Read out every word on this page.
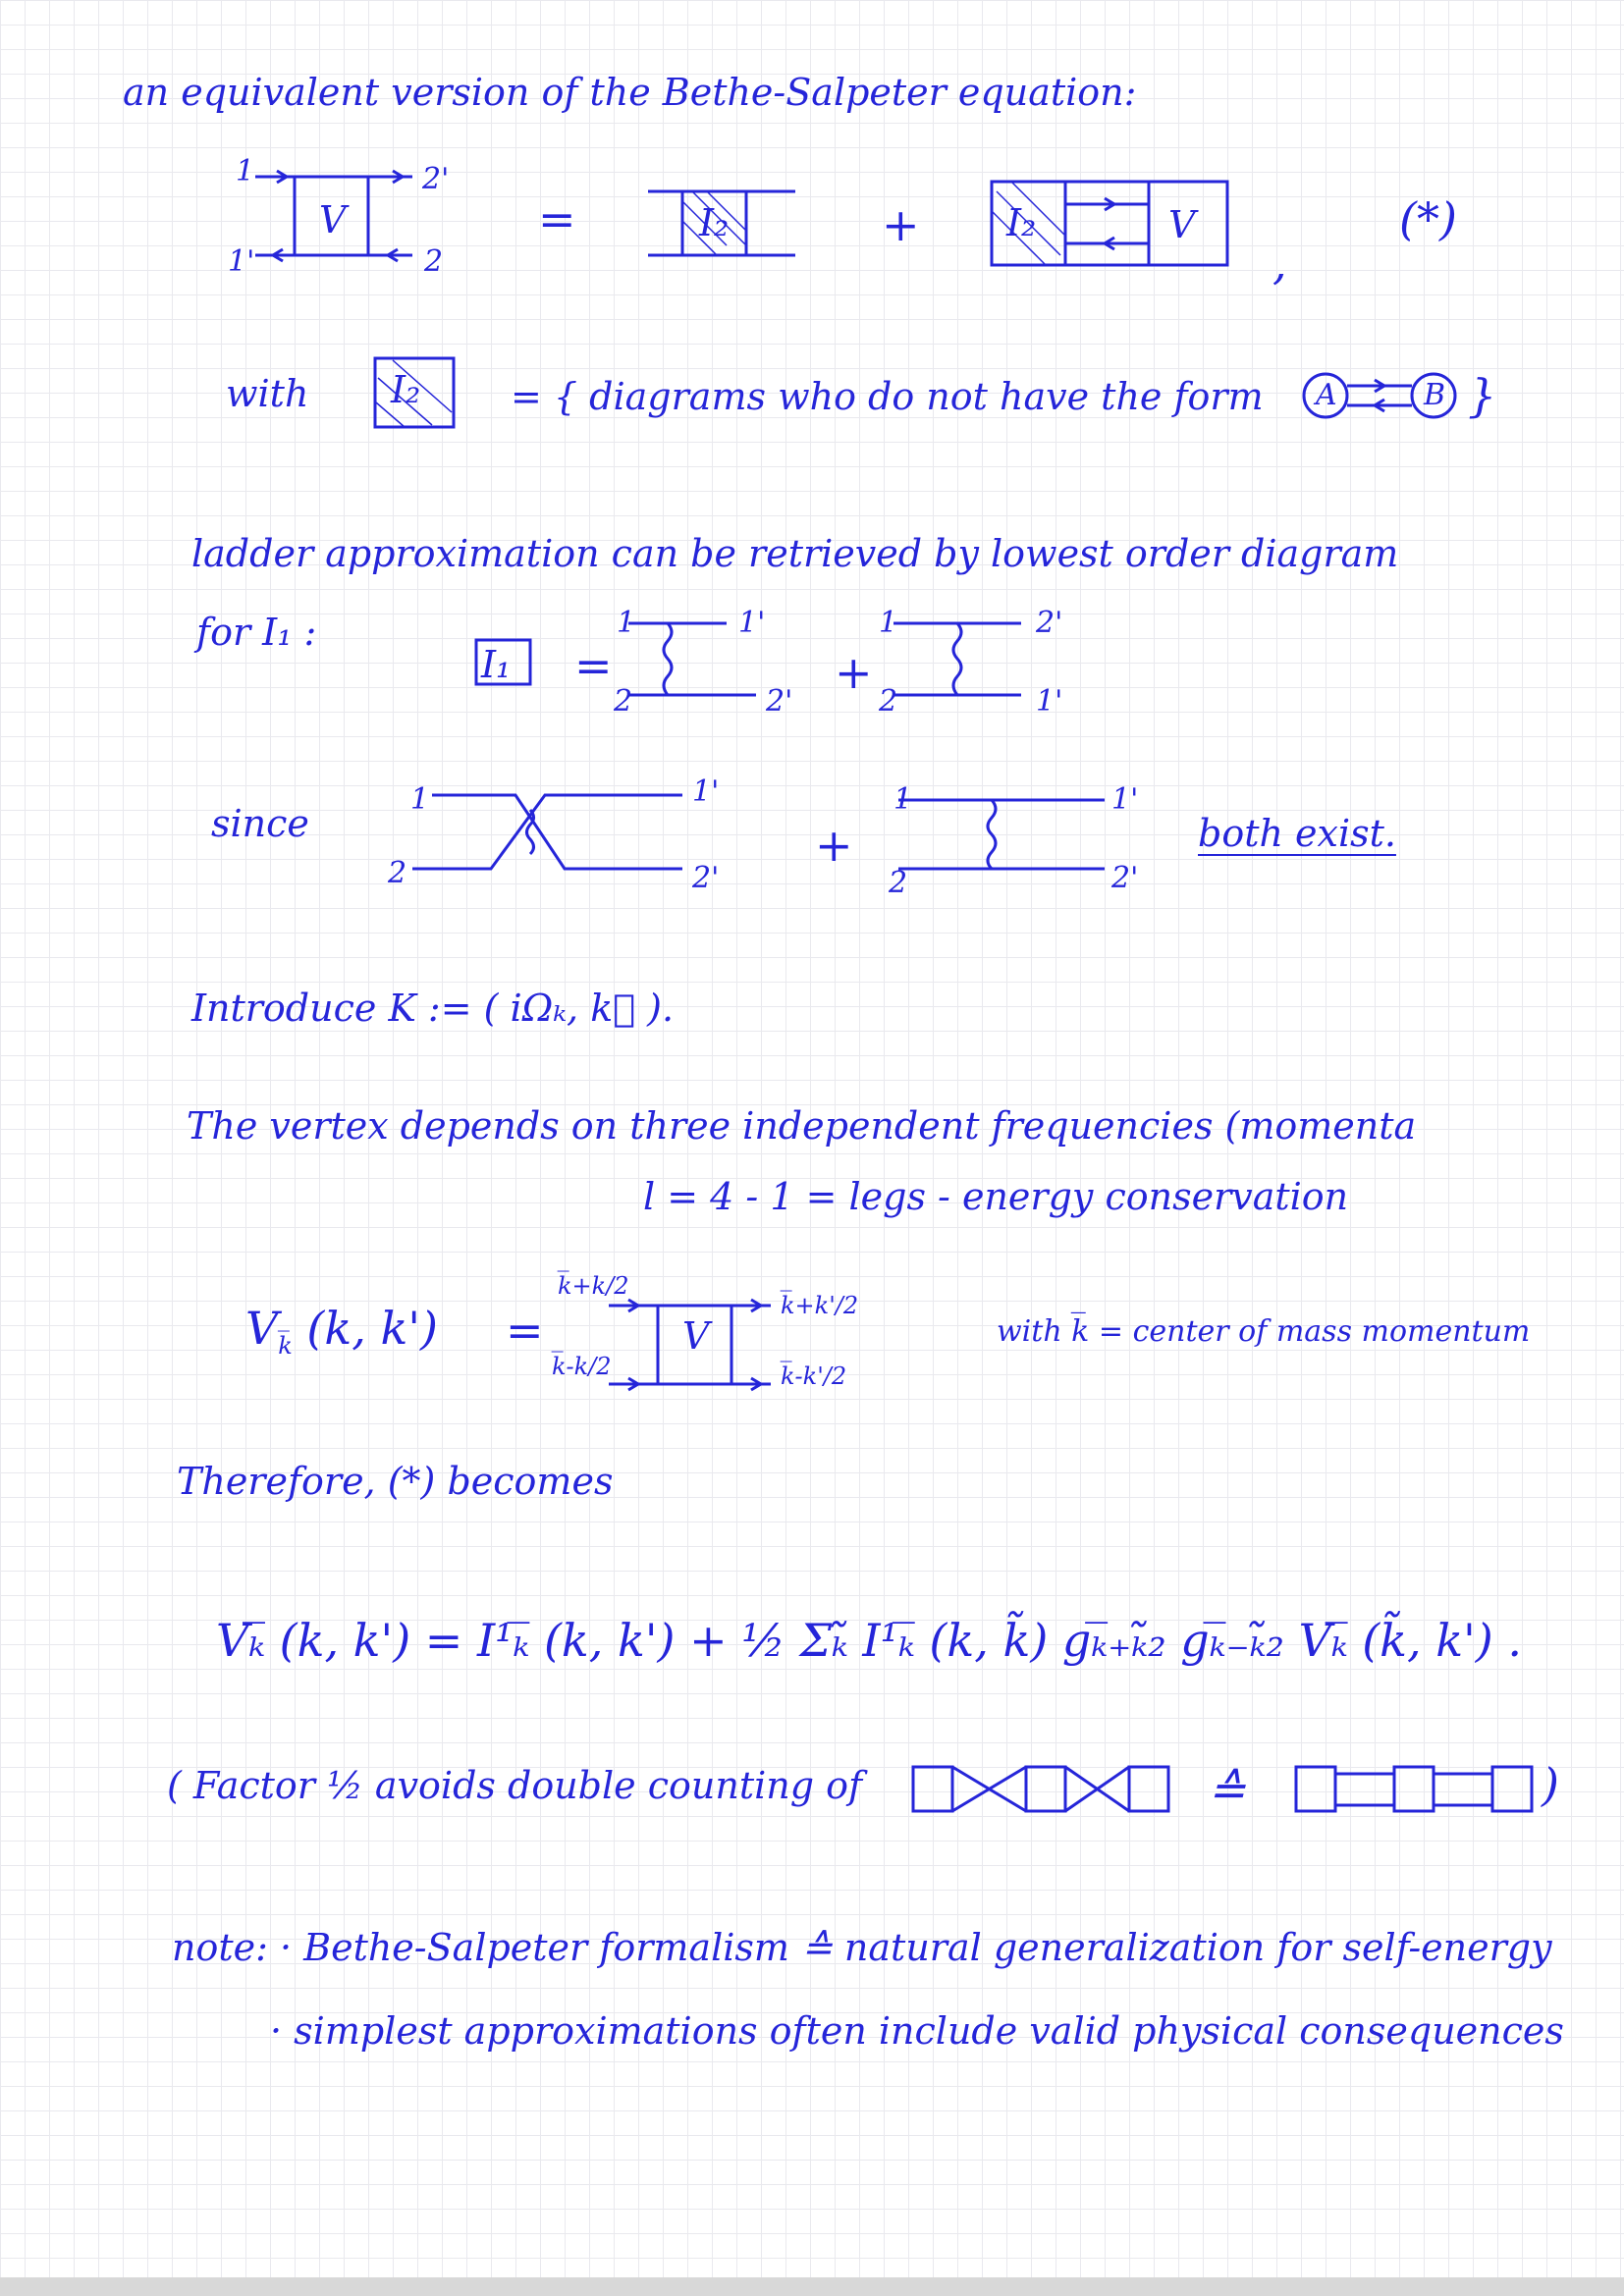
an equivalent version of the Bethe-Salpeter equation:
1	2'
1'	2
V	=	I₂	+ I₂	V
,
(*)
with I₂ = { diagrams who do not have the form A	B }
ladder approximation can be retrieved by lowest order diagram
for I₁ :
I₁ =
1	1'
2	2'
+
1	2'
2	1'
since
1	1'
2	2'
+
1	1'
2	2'
both exist.
Introduce K := ( iΩₖ, k⃗ ).
The vertex depends on three independent frequencies (momenta
l = 4 - 1 = legs - energy conservation
$V_{k̅}$ (k, k') =	V
k̅+k/2
k̅-k/2
k̅+k'/2
k̅-k'/2
with k̅ = center of mass momentum
Therefore, (*) becomes
Vₖ̅ (k, k') = I¹ₖ̅ (k, k') + ½ Σₖ̃ I¹ₖ̅ (k, k̃) gₖ̅₊ₖ̃₂ gₖ̅₋ₖ̃₂ Vₖ̅ (k̃, k') .
( Factor ½ avoids double counting of	≙	)
note: · Bethe-Salpeter formalism ≙ natural generalization for self-energy
· simplest approximations often include valid physical consequences
